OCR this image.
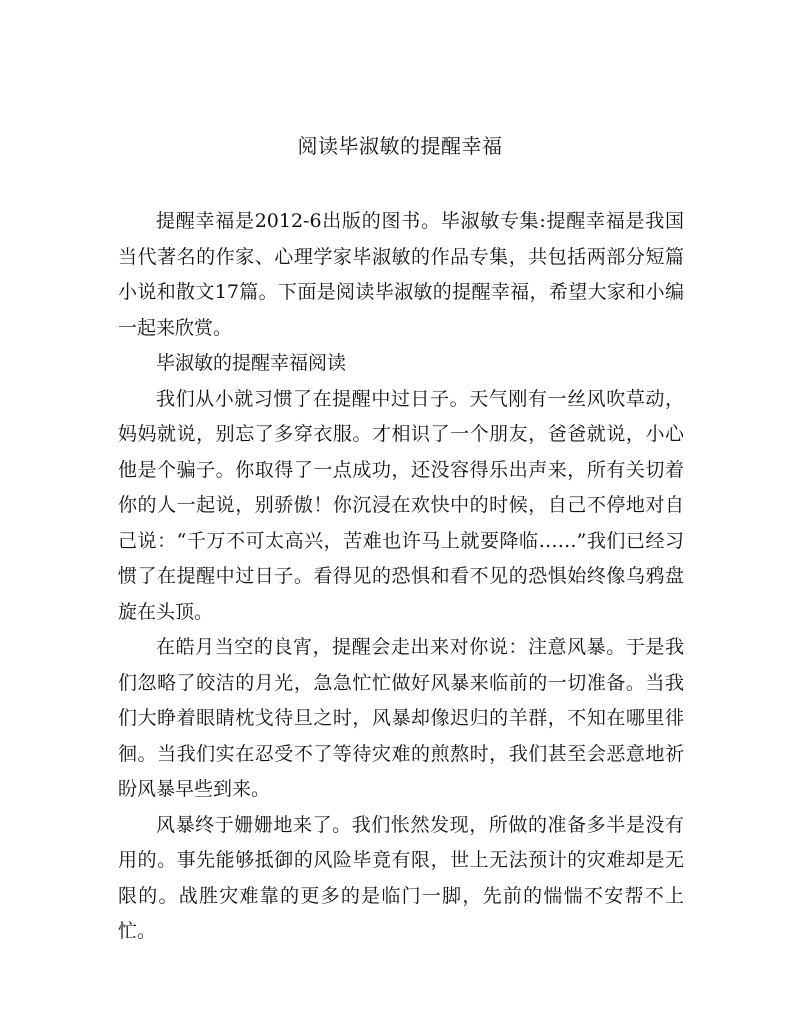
阅读毕淑敏的提醒幸福

提醒幸福是2012-6出版的图书。毕淑敏专集:提醒幸福是我国当代著名的作家、心理学家毕淑敏的作品专集，共包括两部分短篇小说和散文17篇。下面是阅读毕淑敏的提醒幸福，希望大家和小编一起来欣赏。

毕淑敏的提醒幸福阅读

我们从小就习惯了在提醒中过日子。天气刚有一丝风吹草动，妈妈就说，别忘了多穿衣服。才相识了一个朋友，爸爸就说，小心他是个骗子。你取得了一点成功，还没容得乐出声来，所有关切着你的人一起说，别骄傲！你沉浸在欢快中的时候，自己不停地对自己说：“千万不可太高兴，苦难也许马上就要降临……”我们已经习惯了在提醒中过日子。看得见的恐惧和看不见的恐惧始终像乌鸦盘旋在头顶。

在皓月当空的良宵，提醒会走出来对你说：注意风暴。于是我们忽略了皎洁的月光，急急忙忙做好风暴来临前的一切准备。当我们大睁着眼睛枕戈待旦之时，风暴却像迟归的羊群，不知在哪里徘徊。当我们实在忍受不了等待灾难的煎熬时，我们甚至会恶意地祈盼风暴早些到来。

风暴终于姗姗地来了。我们怅然发现，所做的准备多半是没有用的。事先能够抵御的风险毕竟有限，世上无法预计的灾难却是无限的。战胜灾难靠的更多的是临门一脚，先前的惴惴不安帮不上忙。
